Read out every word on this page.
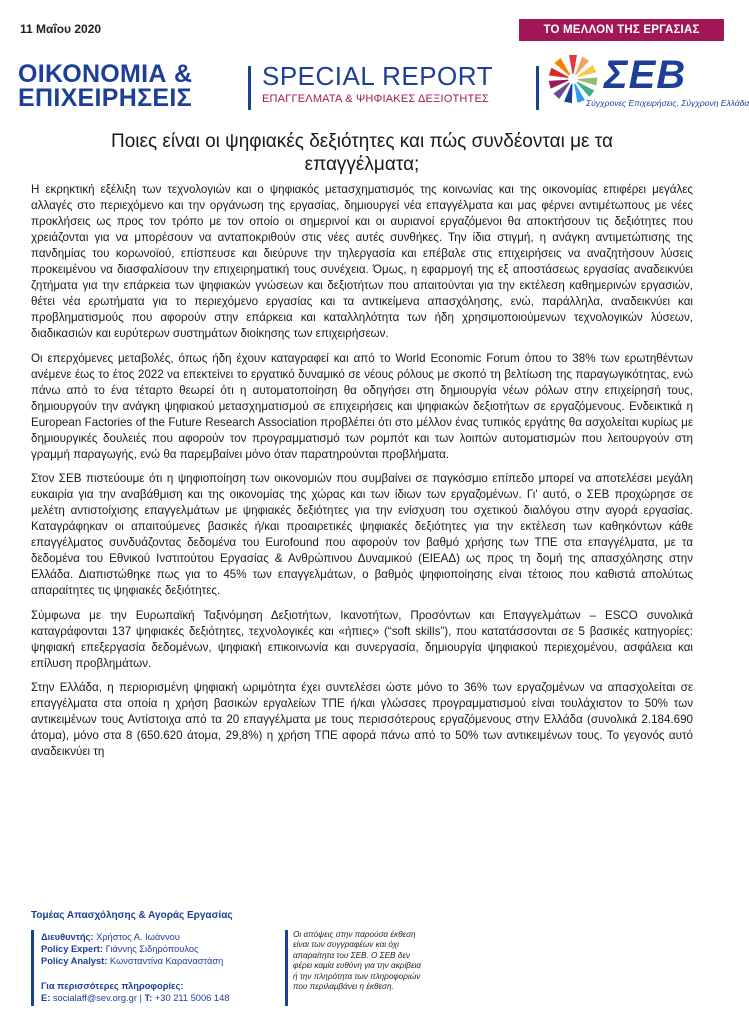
11 Μαΐου 2020	ΤΟ ΜΕΛΛΟΝ ΤΗΣ ΕΡΓΑΣΙΑΣ
ΟΙΚΟΝΟΜΙΑ &
ΕΠΙΧΕΙΡΗΣΕΙΣ
SPECIAL REPORT
ΕΠΑΓΓΕΛΜΑΤΑ & ΨΗΦΙΑΚΕΣ ΔΕΞΙΟΤΗΤΕΣ
ΣΕΒ
Σύγχρονες Επιχειρήσεις, Σύγχρονη Ελλάδα
Ποιες είναι οι ψηφιακές δεξιότητες και πώς συνδέονται με τα επαγγέλματα;

Η εκρηκτική εξέλιξη των τεχνολογιών και ο ψηφιακός μετασχηματισμός της κοινωνίας και της οικονομίας επιφέρει μεγάλες αλλαγές στο περιεχόμενο και την οργάνωση της εργασίας, δημιουργεί νέα επαγγέλματα και μας φέρνει αντιμέτωπους με νέες προκλήσεις ως προς τον τρόπο με τον οποίο οι σημερινοί και οι αυριανοί εργαζόμενοι θα αποκτήσουν τις δεξιότητες που χρειάζονται για να μπορέσουν να ανταποκριθούν στις νέες αυτές συνθήκες. Την ίδια στιγμή, η ανάγκη αντιμετώπισης της πανδημίας του κορωνοϊού, επίσπευσε και διεύρυνε την τηλεργασία και επέβαλε στις επιχειρήσεις να αναζητήσουν λύσεις προκειμένου να διασφαλίσουν την επιχειρηματική τους συνέχεια. Όμως, η εφαρμογή της εξ αποστάσεως εργασίας αναδεικνύει ζητήματα για την επάρκεια των ψηφιακών γνώσεων και δεξιοτήτων που απαιτούνται για την εκτέλεση καθημερινών εργασιών, θέτει νέα ερωτήματα για το περιεχόμενο εργασίας και τα αντικείμενα απασχόλησης, ενώ, παράλληλα, αναδεικνύει και προβληματισμούς που αφορούν στην επάρκεια και καταλληλότητα των ήδη χρησιμοποιούμενων τεχνολογικών λύσεων, διαδικασιών και ευρύτερων συστημάτων διοίκησης των επιχειρήσεων.

Οι επερχόμενες μεταβολές, όπως ήδη έχουν καταγραφεί και από το World Economic Forum όπου το 38% των ερωτηθέντων ανέμενε έως το έτος 2022 να επεκτείνει το εργατικό δυναμικό σε νέους ρόλους με σκοπό τη βελτίωση της παραγωγικότητας, ενώ πάνω από το ένα τέταρτο θεωρεί ότι η αυτοματοποίηση θα οδηγήσει στη δημιουργία νέων ρόλων στην επιχείρησή τους, δημιουργούν την ανάγκη ψηφιακού μετασχηματισμού σε επιχειρήσεις και ψηφιακών δεξιοτήτων σε εργαζόμενους. Ενδεικτικά η European Factories of the Future Research Association προβλέπει ότι στο μέλλον ένας τυπικός εργάτης θα ασχολείται κυρίως με δημιουργικές δουλειές που αφορούν τον προγραμματισμό των ρομπότ και των λοιπών αυτοματισμών που λειτουργούν στη γραμμή παραγωγής, ενώ θα παρεμβαίνει μόνο όταν παρατηρούνται προβλήματα.

Στον ΣΕΒ πιστεύουμε ότι η ψηφιοποίηση των οικονομιών που συμβαίνει σε παγκόσμιο επίπεδο μπορεί να αποτελέσει μεγάλη ευκαιρία για την αναβάθμιση και της οικονομίας της χώρας και των ίδιων των εργαζομένων. Γι' αυτό, ο ΣΕΒ προχώρησε σε μελέτη αντιστοίχισης επαγγελμάτων με ψηφιακές δεξιότητες για την ενίσχυση του σχετικού διαλόγου στην αγορά εργασίας. Καταγράφηκαν οι απαιτούμενες βασικές ή/και προαιρετικές ψηφιακές δεξιότητες για την εκτέλεση των καθηκόντων κάθε επαγγέλματος συνδυάζοντας δεδομένα του Eurofound που αφορούν τον βαθμό χρήσης των ΤΠΕ στα επαγγέλματα, με τα δεδομένα του Εθνικού Ινστιτούτου Εργασίας & Ανθρώπινου Δυναμικού (ΕΙΕΑΔ) ως προς τη δομή της απασχόλησης στην Ελλάδα. Διαπιστώθηκε πως για το 45% των επαγγελμάτων, ο βαθμός ψηφιοποίησης είναι τέτοιος που καθιστά απολύτως απαραίτητες τις ψηφιακές δεξιότητες.

Σύμφωνα με την Ευρωπαϊκή Ταξινόμηση Δεξιοτήτων, Ικανοτήτων, Προσόντων και Επαγγελμάτων – ESCO συνολικά καταγράφονται 137 ψηφιακές δεξιότητες, τεχνολογικές και «ήπιες» (“soft skills”), που κατατάσσονται σε 5 βασικές κατηγορίες: ψηφιακή επεξεργασία δεδομένων, ψηφιακή επικοινωνία και συνεργασία, δημιουργία ψηφιακού περιεχομένου, ασφάλεια και επίλυση προβλημάτων.

Στην Ελλάδα, η περιορισμένη ψηφιακή ωριμότητα έχει συντελέσει ώστε μόνο το 36% των εργαζομένων να απασχολείται σε επαγγέλματα στα οποία η χρήση βασικών εργαλείων ΤΠΕ ή/και γλώσσες προγραμματισμού είναι τουλάχιστον το 50% των αντικειμένων τους Αντίστοιχα από τα 20 επαγγέλματα με τους περισσότερους εργαζόμενους στην Ελλάδα (συνολικά 2.184.690 άτομα), μόνο στα 8 (650.620 άτομα, 29,8%) η χρήση ΤΠΕ αφορά πάνω από το 50% των αντικειμένων τους. Το γεγονός αυτό αναδεικνύει τη

Τομέας Απασχόλησης & Αγοράς Εργασίας
Διευθυντής: Χρήστος Α. Ιωάννου
Policy Expert: Γιάννης Σιδηρόπουλος
Policy Analyst: Κωνσταντίνα Καραναστάση
Για περισσότερες πληροφορίες:
E: socialaff@sev.org.gr | T: +30 211 5006 148
Οι απόψεις στην παρούσα έκθεση είναι των συγγραφέων και όχι απαραίτητα του ΣΕΒ. Ο ΣΕΒ δεν φέρει καμία ευθύνη για την ακρίβεια ή την πληρότητα των πληροφοριών που περιλαμβάνει η έκθεση.
